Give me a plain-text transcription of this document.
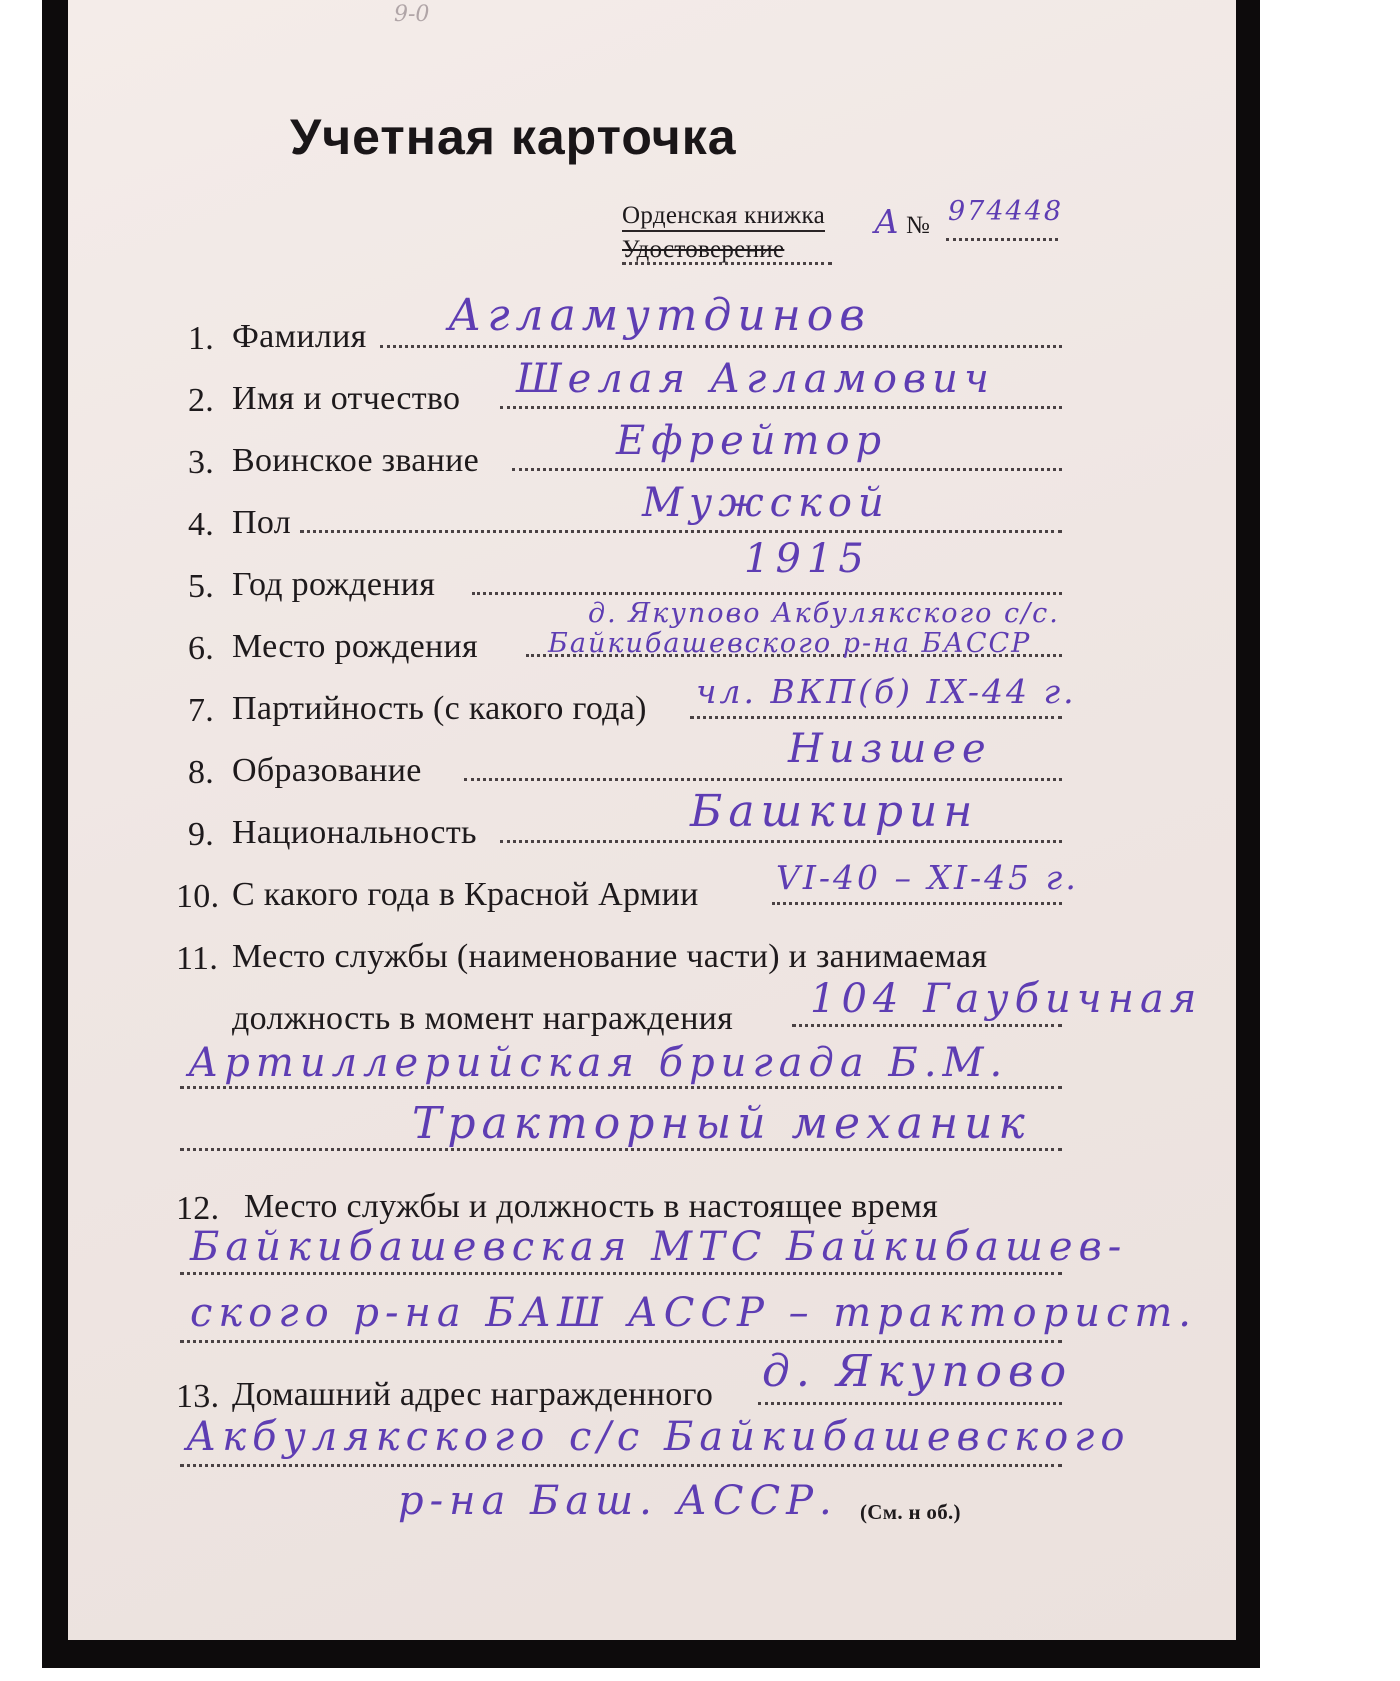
9-0
Учетная карточка
Орденская книжка
Удостоверение
А № 974448
1. Фамилия Агламутдинов
2. Имя и отчество Шелая Агламович
3. Воинское звание	Ефрейтор
4. Пол	Мужской
5. Год рождения
1915
6. Место рождения
д. Якупово Акбулякского с/с.
Байкибашевского р-на БАССР
7. Партийность (с какого года) чл. ВКП(б) IX-44 г.
8. Образование	Низшее
9. Национальность	Башкирин
10. С какого года в Красной Армии VI-40 – XI-45 г.
11. Место службы (наименование части) и занимаемая
должность в момент награждения 104 Гаубичная
Артиллерийская бригада Б.М.
Тракторный механик
12. Место службы и должность в настоящее время
Байкибашевская МТС Байкибашев-
ского р-на БАШ АССР – тракторист.
13. Домашний адрес награжденного д. Якупово
Акбулякского с/с Байкибашевского
р-на Баш. АССР. (См. н об.)
